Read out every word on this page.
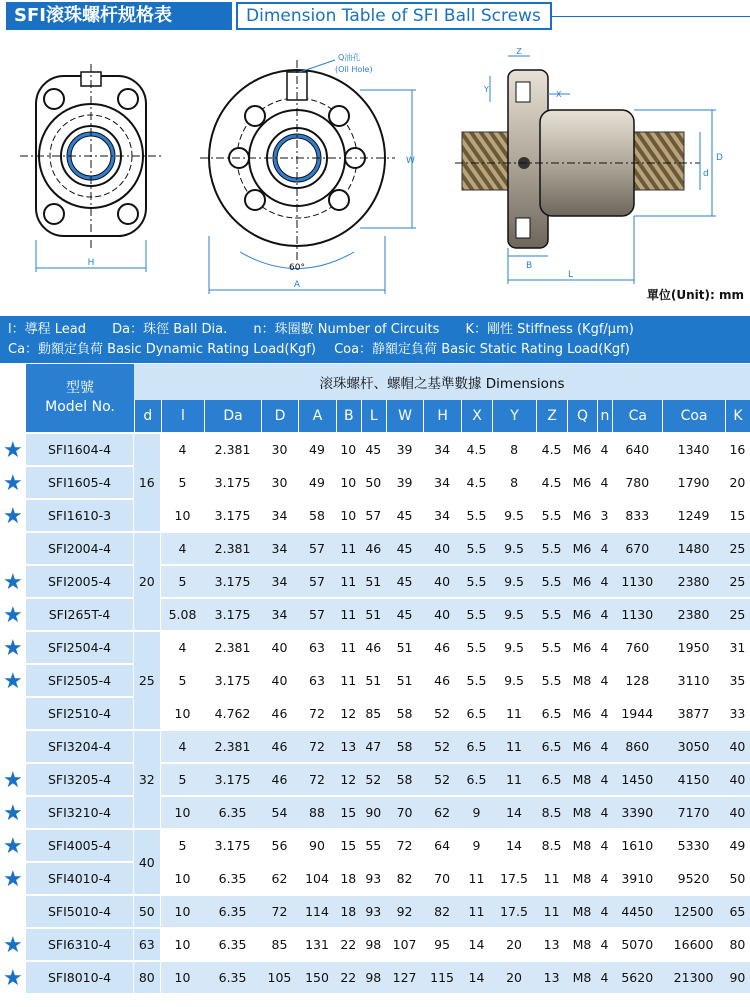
SFI滚珠螺杆规格表	Dimension Table of SFI Ball Screws
H
Q油孔
(Oil Hole)
W
60°
A
Z
Y
X
B
L
D
d
單位(Unit): mm
l：導程 Lead Da：珠徑 Ball Dia. n：珠圈數 Number of Circuits K：剛性 Stiffness (Kgf/μm)
Ca：動額定負荷 Basic Dynamic Rating Load(Kgf) Coa：静額定負荷 Basic Static Rating Load(Kgf)
★
★
★
★
★
★
★
★
★
★
★
★
★
型號
Model No.	滚珠螺杆、螺帽之基準數據 Dimensions																
	d	l	Da	D	A	B	L	W	H	X	Y	Z	Q	n	Ca	Coa	K
SFI1604-4	16	4	2.381	30	49	10	45	39	34	4.5	8	4.5	M6	4	640	1340	16
SFI1605-4		5	3.175	30	49	10	50	39	34	4.5	8	4.5	M6	4	780	1790	20
SFI1610-3		10	3.175	34	58	10	57	45	34	5.5	9.5	5.5	M6	3	833	1249	15
SFI2004-4	20	4	2.381	34	57	11	46	45	40	5.5	9.5	5.5	M6	4	670	1480	25
SFI2005-4		5	3.175	34	57	11	51	45	40	5.5	9.5	5.5	M6	4	1130	2380	25
SFI265T-4		5.08	3.175	34	57	11	51	45	40	5.5	9.5	5.5	M6	4	1130	2380	25
SFI2504-4	25	4	2.381	40	63	11	46	51	46	5.5	9.5	5.5	M6	4	760	1950	31
SFI2505-4		5	3.175	40	63	11	51	51	46	5.5	9.5	5.5	M8	4	128	3110	35
SFI2510-4		10	4.762	46	72	12	85	58	52	6.5	11	6.5	M6	4	1944	3877	33
SFI3204-4	32	4	2.381	46	72	13	47	58	52	6.5	11	6.5	M6	4	860	3050	40
SFI3205-4		5	3.175	46	72	12	52	58	52	6.5	11	6.5	M8	4	1450	4150	40
SFI3210-4		10	6.35	54	88	15	90	70	62	9	14	8.5	M8	4	3390	7170	40
SFI4005-4	40	5	3.175	56	90	15	55	72	64	9	14	8.5	M8	4	1610	5330	49
SFI4010-4		10	6.35	62	104	18	93	82	70	11	17.5	11	M8	4	3910	9520	50
SFI5010-4	50	10	6.35	72	114	18	93	92	82	11	17.5	11	M8	4	4450	12500	65
SFI6310-4	63	10	6.35	85	131	22	98	107	95	14	20	13	M8	4	5070	16600	80
SFI8010-4	80	10	6.35	105	150	22	98	127	115	14	20	13	M8	4	5620	21300	90
